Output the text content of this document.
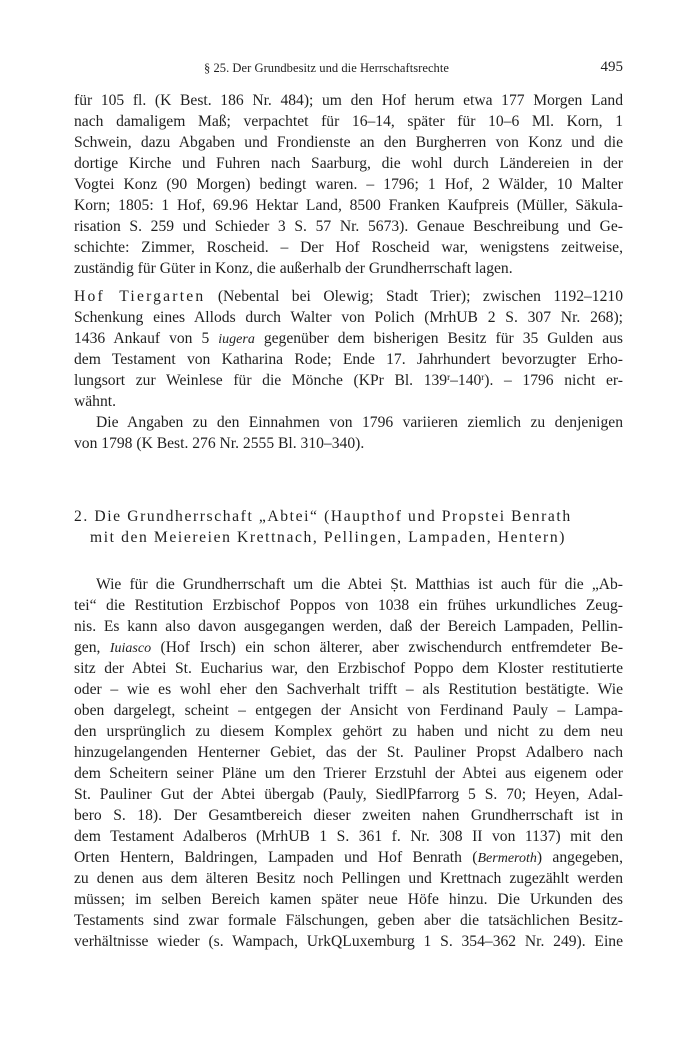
§ 25. Der Grundbesitz und die Herrschaftsrechte	495
für 105 fl. (K Best. 186 Nr. 484); um den Hof herum etwa 177 Morgen Land
nach damaligem Maß; verpachtet für 16–14, später für 10–6 Ml. Korn, 1
Schwein, dazu Abgaben und Frondienste an den Burgherren von Konz und die
dortige Kirche und Fuhren nach Saarburg, die wohl durch Ländereien in der
Vogtei Konz (90 Morgen) bedingt waren. – 1796; 1 Hof, 2 Wälder, 10 Malter
Korn; 1805: 1 Hof, 69.96 Hektar Land, 8500 Franken Kaufpreis (Müller, Säkula-
risation S. 259 und Schieder 3 S. 57 Nr. 5673). Genaue Beschreibung und Ge-
schichte: Zimmer, Roscheid. – Der Hof Roscheid war, wenigstens zeitweise,
zuständig für Güter in Konz, die außerhalb der Grundherrschaft lagen.
Hof Tiergarten (Nebental bei Olewig; Stadt Trier); zwischen 1192–1210
Schenkung eines Allods durch Walter von Polich (MrhUB 2 S. 307 Nr. 268);
1436 Ankauf von 5 iugera gegenüber dem bisherigen Besitz für 35 Gulden aus
dem Testament von Katharina Rode; Ende 17. Jahrhundert bevorzugter Erho-
lungsort zur Weinlese für die Mönche (KPr Bl. 139$^r$–140$^r$). – 1796 nicht er-
wähnt.
Die Angaben zu den Einnahmen von 1796 variieren ziemlich zu denjenigen
von 1798 (K Best. 276 Nr. 2555 Bl. 310–340).
2. Die Grundherrschaft „Abtei“ (Haupthof und Propstei Benrath
mit den Meiereien Krettnach, Pellingen, Lampaden, Hentern)
Wie für die Grundherrschaft um die Abtei Ṣt. Matthias ist auch für die „Ab-
tei“ die Restitution Erzbischof Poppos von 1038 ein frühes urkundliches Zeug-
nis. Es kann also davon ausgegangen werden, daß der Bereich Lampaden, Pellin-
gen, Iuiasco (Hof Irsch) ein schon älterer, aber zwischendurch entfremdeter Be-
sitz der Abtei St. Eucharius war, den Erzbischof Poppo dem Kloster restitutierte
oder – wie es wohl eher den Sachverhalt trifft – als Restitution bestätigte. Wie
oben dargelegt, scheint – entgegen der Ansicht von Ferdinand Pauly – Lampa-
den ursprünglich zu diesem Komplex gehört zu haben und nicht zu dem neu
hinzugelangenden Henterner Gebiet, das der St. Pauliner Propst Adalbero nach
dem Scheitern seiner Pläne um den Trierer Erzstuhl der Abtei aus eigenem oder
St. Pauliner Gut der Abtei übergab (Pauly, SiedlPfarrorg 5 S. 70; Heyen, Adal-
bero S. 18). Der Gesamtbereich dieser zweiten nahen Grundherrschaft ist in
dem Testament Adalberos (MrhUB 1 S. 361 f. Nr. 308 II von 1137) mit den
Orten Hentern, Baldringen, Lampaden und Hof Benrath (Bermeroth) angegeben,
zu denen aus dem älteren Besitz noch Pellingen und Krettnach zugezählt werden
müssen; im selben Bereich kamen später neue Höfe hinzu. Die Urkunden des
Testaments sind zwar formale Fälschungen, geben aber die tatsächlichen Besitz-
verhältnisse wieder (s. Wampach, UrkQLuxemburg 1 S. 354–362 Nr. 249). Eine
